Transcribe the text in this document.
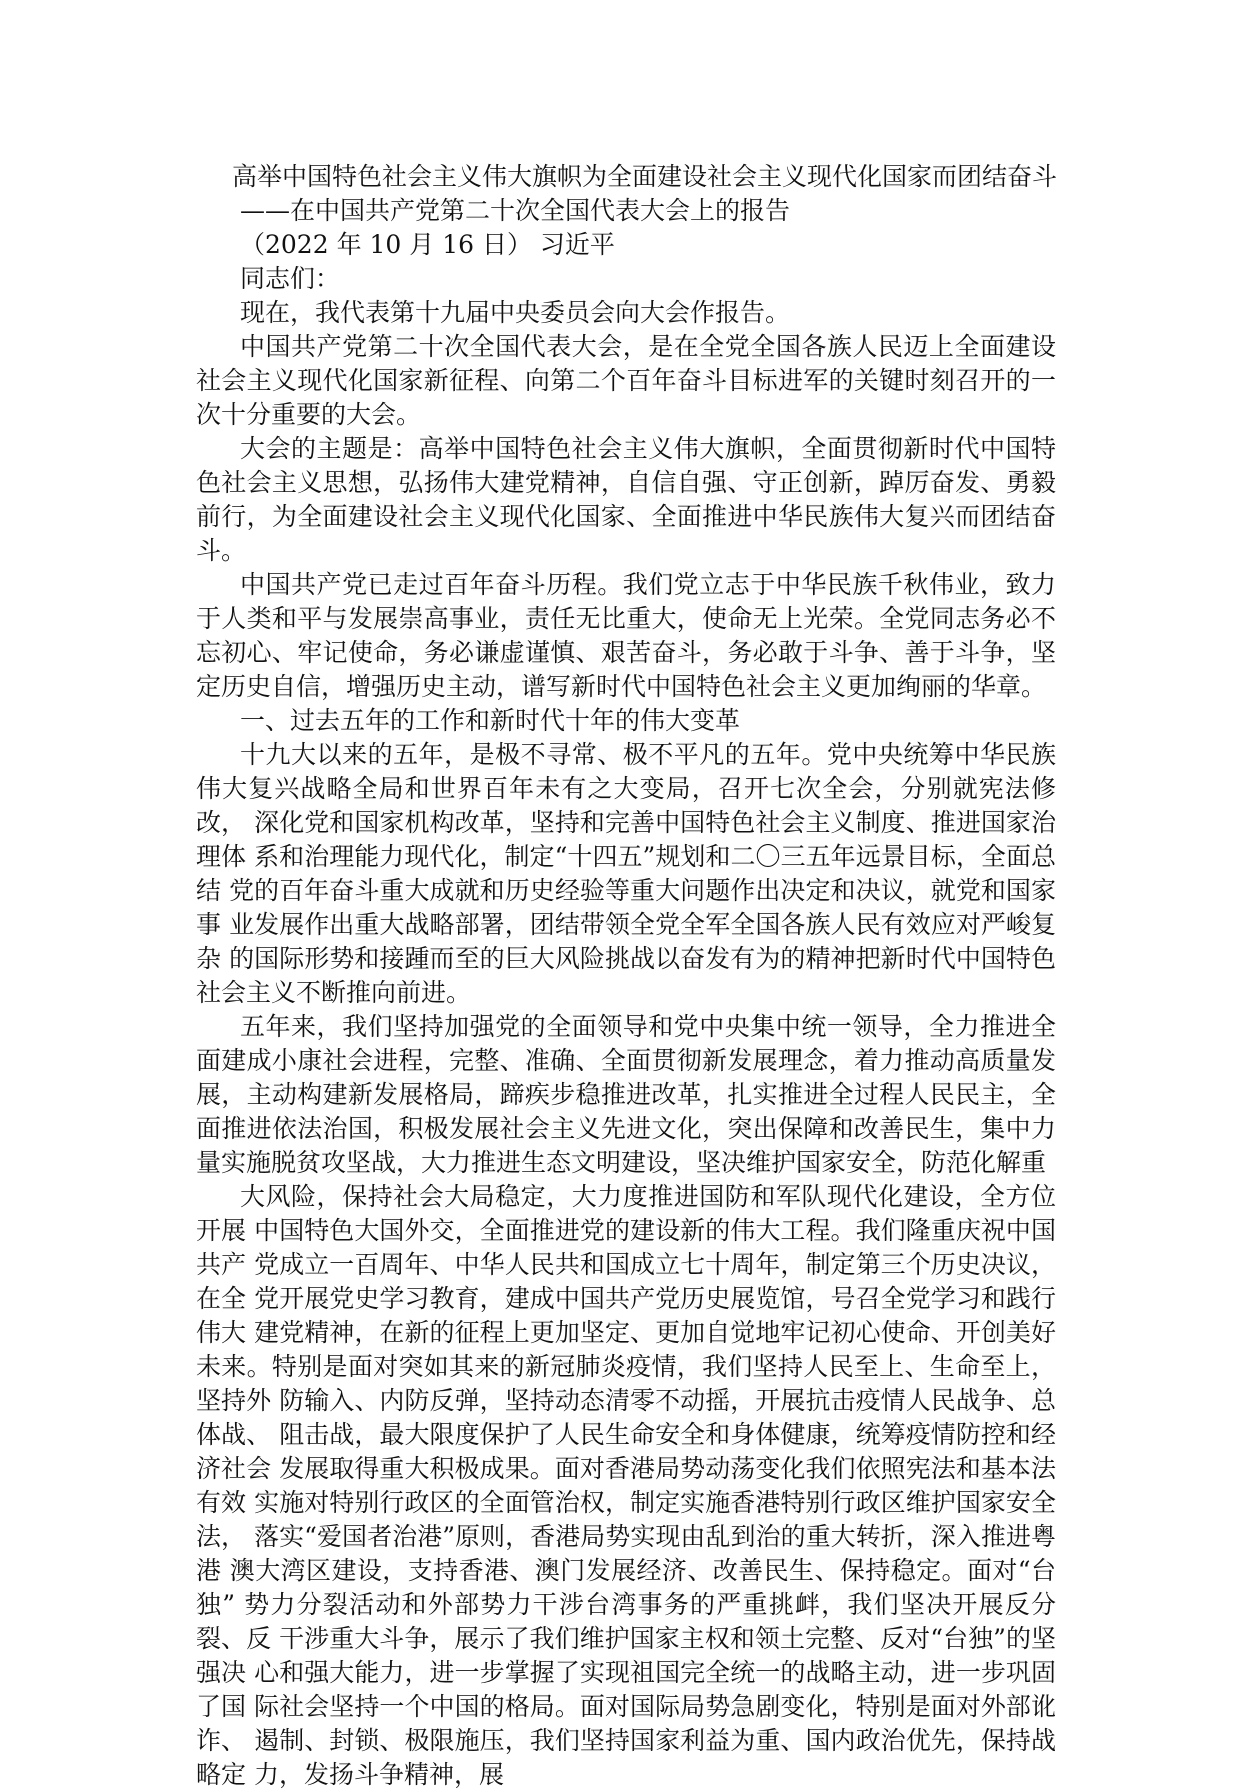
高举中国特色社会主义伟大旗帜为全面建设社会主义现代化国家而团结奋斗

——在中国共产党第二十次全国代表大会上的报告

（2022 年 10 月 16 日） 习近平

同志们：

现在，我代表第十九届中央委员会向大会作报告。

中国共产党第二十次全国代表大会，是在全党全国各族人民迈上全面建设社会主义现代化国家新征程、向第二个百年奋斗目标进军的关键时刻召开的一次十分重要的大会。

大会的主题是：高举中国特色社会主义伟大旗帜，全面贯彻新时代中国特色社会主义思想，弘扬伟大建党精神，自信自强、守正创新，踔厉奋发、勇毅前行，为全面建设社会主义现代化国家、全面推进中华民族伟大复兴而团结奋斗。

中国共产党已走过百年奋斗历程。我们党立志于中华民族千秋伟业，致力于人类和平与发展崇高事业，责任无比重大，使命无上光荣。全党同志务必不忘初心、牢记使命，务必谦虚谨慎、艰苦奋斗，务必敢于斗争、善于斗争，坚定历史自信，增强历史主动，谱写新时代中国特色社会主义更加绚丽的华章。

一、过去五年的工作和新时代十年的伟大变革

十九大以来的五年，是极不寻常、极不平凡的五年。党中央统筹中华民族 伟大复兴战略全局和世界百年未有之大变局，召开七次全会，分别就宪法修改， 深化党和国家机构改革，坚持和完善中国特色社会主义制度、推进国家治理体 系和治理能力现代化，制定“十四五”规划和二〇三五年远景目标，全面总结 党的百年奋斗重大成就和历史经验等重大问题作出决定和决议，就党和国家事 业发展作出重大战略部署，团结带领全党全军全国各族人民有效应对严峻复杂 的国际形势和接踵而至的巨大风险挑战以奋发有为的精神把新时代中国特色 社会主义不断推向前进。

五年来，我们坚持加强党的全面领导和党中央集中统一领导，全力推进全面建成小康社会进程，完整、准确、全面贯彻新发展理念，着力推动高质量发展，主动构建新发展格局，蹄疾步稳推进改革，扎实推进全过程人民民主，全面推进依法治国，积极发展社会主义先进文化，突出保障和改善民生，集中力量实施脱贫攻坚战，大力推进生态文明建设，坚决维护国家安全，防范化解重

大风险，保持社会大局稳定，大力度推进国防和军队现代化建设，全方位开展 中国特色大国外交，全面推进党的建设新的伟大工程。我们隆重庆祝中国共产 党成立一百周年、中华人民共和国成立七十周年，制定第三个历史决议，在全 党开展党史学习教育，建成中国共产党历史展览馆，号召全党学习和践行伟大 建党精神，在新的征程上更加坚定、更加自觉地牢记初心使命、开创美好未来。特别是面对突如其来的新冠肺炎疫情，我们坚持人民至上、生命至上，坚持外 防输入、内防反弹，坚持动态清零不动摇，开展抗击疫情人民战争、总体战、 阻击战，最大限度保护了人民生命安全和身体健康，统筹疫情防控和经济社会 发展取得重大积极成果。面对香港局势动荡变化我们依照宪法和基本法有效 实施对特别行政区的全面管治权，制定实施香港特别行政区维护国家安全法， 落实“爱国者治港”原则，香港局势实现由乱到治的重大转折，深入推进粤港 澳大湾区建设，支持香港、澳门发展经济、改善民生、保持稳定。面对“台独” 势力分裂活动和外部势力干涉台湾事务的严重挑衅，我们坚决开展反分裂、反 干涉重大斗争，展示了我们维护国家主权和领土完整、反对“台独”的坚强决 心和强大能力，进一步掌握了实现祖国完全统一的战略主动，进一步巩固了国 际社会坚持一个中国的格局。面对国际局势急剧变化，特别是面对外部讹诈、 遏制、封锁、极限施压，我们坚持国家利益为重、国内政治优先，保持战略定 力，发扬斗争精神，展
